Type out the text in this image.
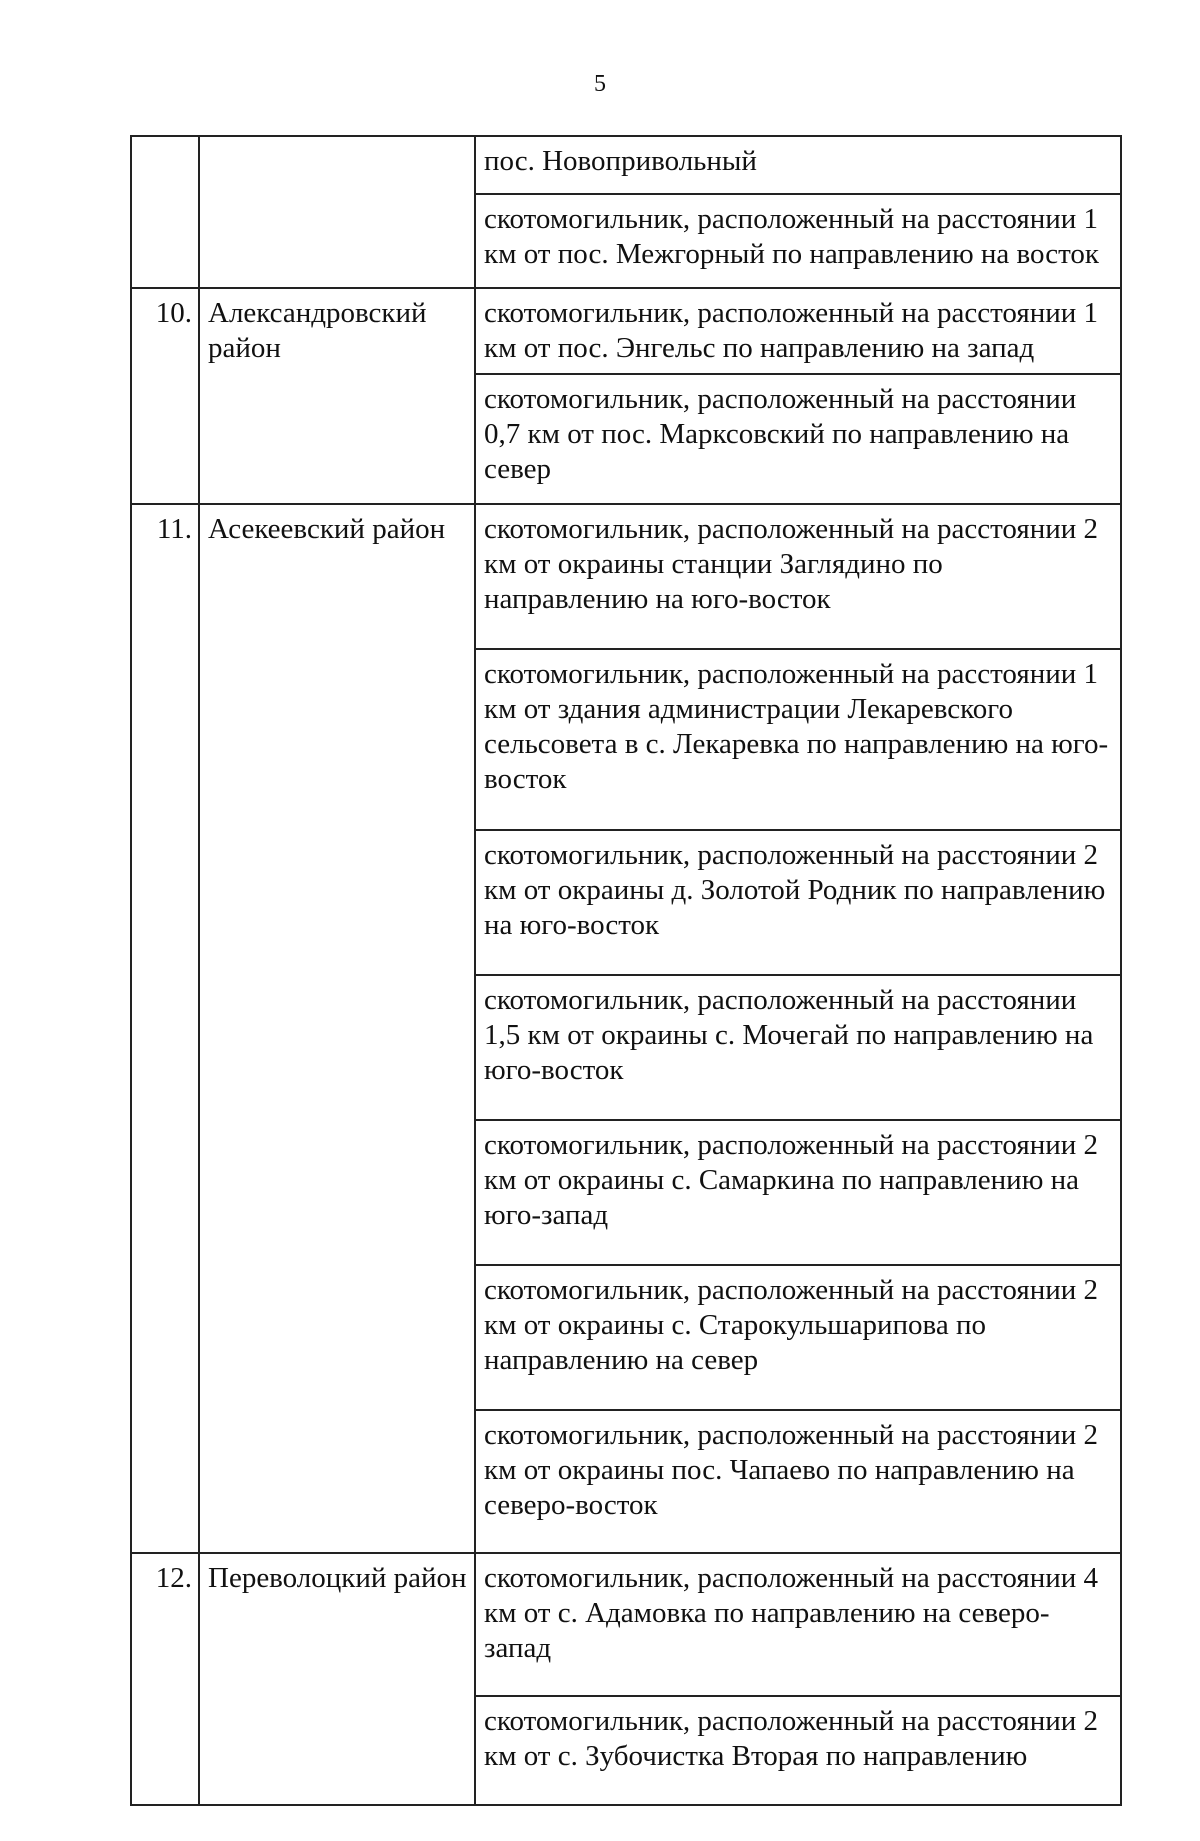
5
		пос. Новопривольный
		скотомогильник, расположенный на расстоянии 1 км от пос. Межгорный по направлению на восток
10.	Александровский район	скотомогильник, расположенный на расстоянии 1 км от пос. Энгельс по направлению на запад
		скотомогильник, расположенный на расстоянии 0,7 км от пос. Марксовский по направлению на север
11.	Асекеевский район	скотомогильник, расположенный на расстоянии 2 км от окраины станции Заглядино по направлению на юго-восток
		скотомогильник, расположенный на расстоянии 1 км от здания администрации Лекаревского сельсовета в с. Лекаревка по направлению на юго-восток
		скотомогильник, расположенный на расстоянии 2 км от окраины д. Золотой Родник по направлению на юго-восток
		скотомогильник, расположенный на расстоянии 1,5 км от окраины с. Мочегай по направлению на юго-восток
		скотомогильник, расположенный на расстоянии 2 км от окраины с. Самаркина по направлению на юго-запад
		скотомогильник, расположенный на расстоянии 2 км от окраины с. Старокульшарипова по направлению на север
		скотомогильник, расположенный на расстоянии 2 км от окраины пос. Чапаево по направлению на северо-восток
12.	Переволоцкий район	скотомогильник, расположенный на расстоянии 4 км от с. Адамовка по направлению на северо-запад
		скотомогильник, расположенный на расстоянии 2 км от с. Зубочистка Вторая по направлению
